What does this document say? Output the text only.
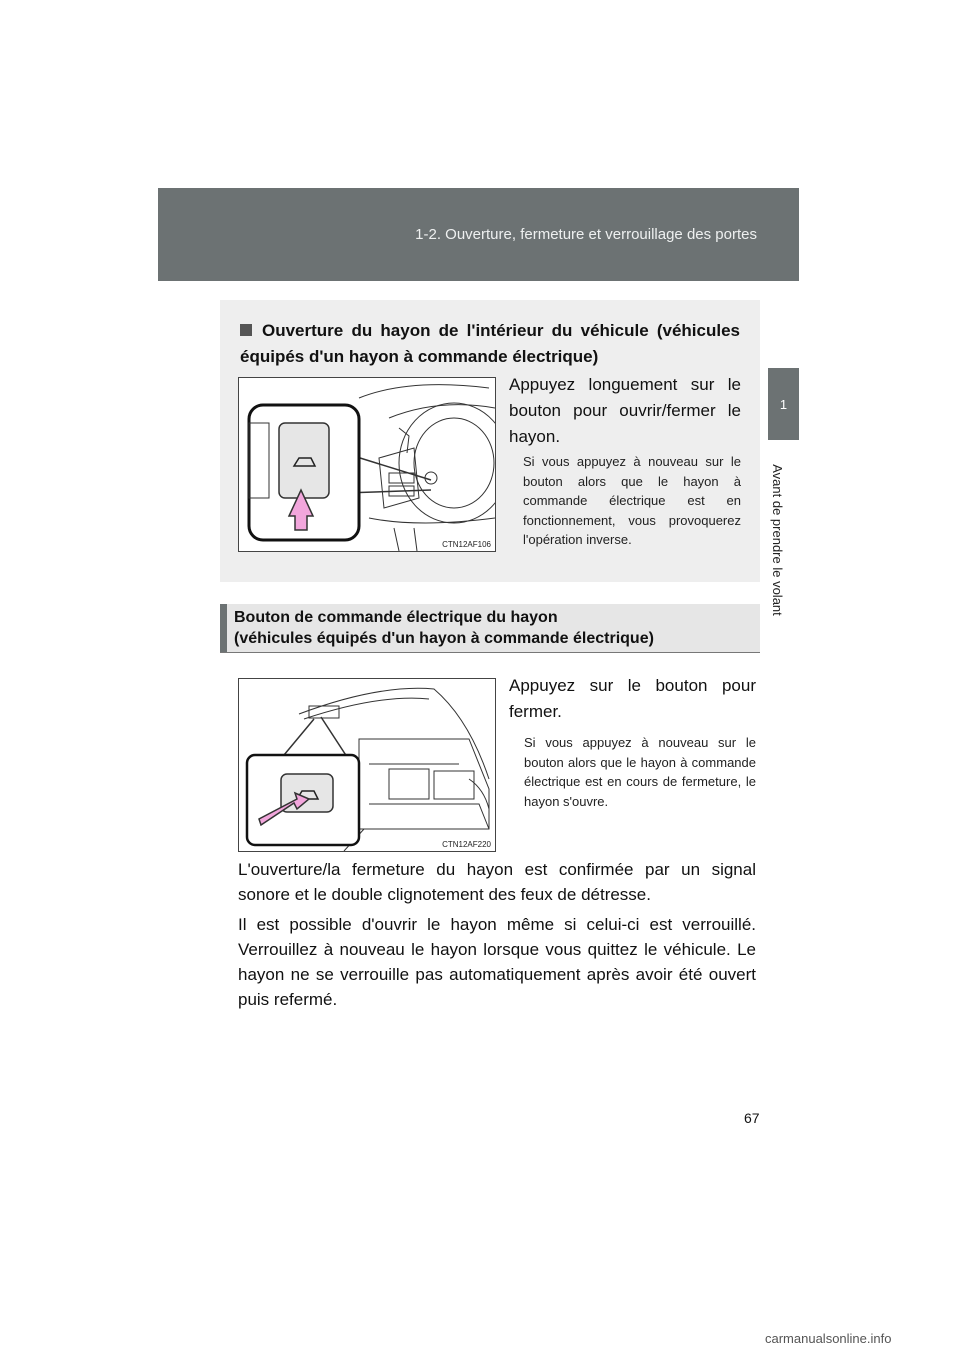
1-2. Ouverture, fermeture et verrouillage des portes
1
Avant de prendre le volant
Ouverture du hayon de l'intérieur du véhicule (véhicules équipés d'un hayon à commande électrique)
CTN12AF106
Appuyez longuement sur le bouton pour ouvrir/fermer le hayon.
Si vous appuyez à nouveau sur le bouton alors que le hayon à commande électrique est en fonctionnement, vous provoquerez l'opération inverse.
Bouton de commande électrique du hayon
(véhicules équipés d'un hayon à commande électrique)
CTN12AF220
Appuyez sur le bouton pour fermer.
Si vous appuyez à nouveau sur le bouton alors que le hayon à commande électrique est en cours de fermeture, le hayon s'ouvre.
L'ouverture/la fermeture du hayon est confirmée par un signal sonore et le double clignotement des feux de détresse.
Il est possible d'ouvrir le hayon même si celui-ci est verrouillé. Verrouillez à nouveau le hayon lorsque vous quittez le véhicule. Le hayon ne se verrouille pas automatiquement après avoir été ouvert puis refermé.
67
carmanualsonline.info
